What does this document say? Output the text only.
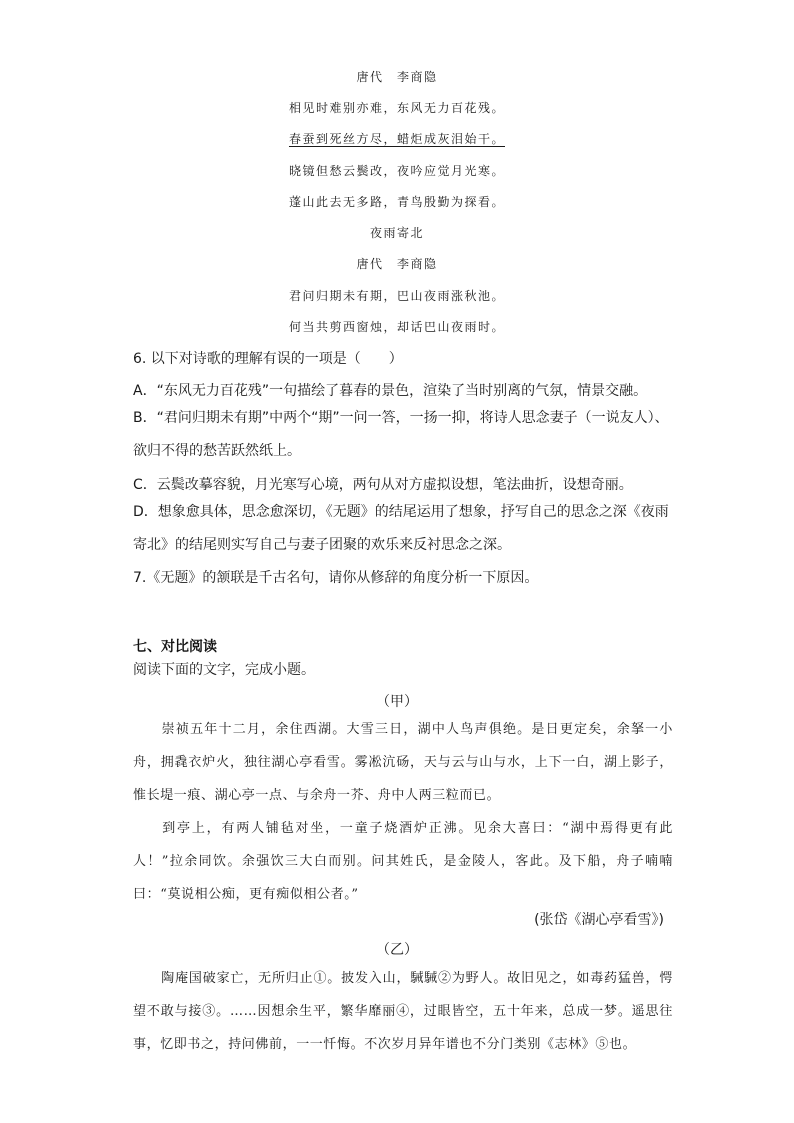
唐代　李商隐
相见时难别亦难，东风无力百花残。
春蚕到死丝方尽，蜡炬成灰泪始干。
晓镜但愁云鬓改，夜吟应觉月光寒。
蓬山此去无多路，青鸟殷勤为探看。
夜雨寄北
唐代　李商隐
君问归期未有期，巴山夜雨涨秋池。
何当共剪西窗烛，却话巴山夜雨时。
6. 以下对诗歌的理解有误的一项是（　　）
A．“东风无力百花残”一句描绘了暮春的景色，渲染了当时别离的气氛，情景交融。
B．“君问归期未有期”中两个“期”一问一答，一扬一抑，将诗人思念妻子（一说友人）、欲归不得的愁苦跃然纸上。
C．云鬓改摹容貌，月光寒写心境，两句从对方虚拟设想，笔法曲折，设想奇丽。
D．想象愈具体，思念愈深切，《无题》的结尾运用了想象，抒写自己的思念之深《夜雨寄北》的结尾则实写自己与妻子团聚的欢乐来反衬思念之深。
7.《无题》的颔联是千古名句，请你从修辞的角度分析一下原因。
七、对比阅读
阅读下面的文字，完成小题。
（甲）
崇祯五年十二月，余住西湖。大雪三日，湖中人鸟声俱绝。是日更定矣，余拏一小舟，拥毳衣炉火，独往湖心亭看雪。雾凇沆砀，天与云与山与水，上下一白，湖上影子，惟长堤一痕、湖心亭一点、与余舟一芥、舟中人两三粒而已。
到亭上，有两人铺毡对坐，一童子烧酒炉正沸。见余大喜曰：“湖中焉得更有此人！”拉余同饮。余强饮三大白而别。问其姓氏，是金陵人，客此。及下船，舟子喃喃曰：“莫说相公痴，更有痴似相公者。”
(张岱《湖心亭看雪》)
（乙）
陶庵国破家亡，无所归止①。披发入山，駴駴②为野人。故旧见之，如毒药猛兽，愕望不敢与接③。……因想余生平，繁华靡丽④，过眼皆空，五十年来，总成一梦。遥思往事，忆即书之，持问佛前，一一忏悔。不次岁月异年谱也不分门类别《志林》⑤也。
